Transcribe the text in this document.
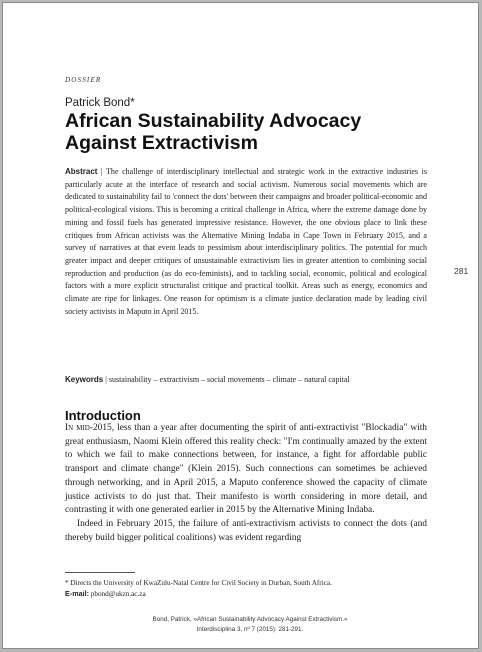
DOSSIER
Patrick Bond*
African Sustainability Advocacy Against Extractivism
Abstract | The challenge of interdisciplinary intellectual and strategic work in the extractive industries is particularly acute at the interface of research and social activism. Numerous social movements which are dedicated to sustainability fail to 'connect the dots' between their campaigns and broader political-economic and political-ecological visions. This is becoming a critical challenge in Africa, where the extreme damage done by mining and fossil fuels has generated impressive resistance. However, the one obvious place to link these critiques from African activists was the Alternative Mining Indaba in Cape Town in February 2015, and a survey of narratives at that event leads to pessimism about interdisciplinary politics. The potential for much greater impact and deeper critiques of unsustainable extractivism lies in greater attention to combining social reproduction and production (as do eco-feminists), and to tackling social, economic, political and ecological factors with a more explicit structuralist critique and practical toolkit. Areas such as energy, economics and climate are ripe for linkages. One reason for optimism is a climate justice declaration made by leading civil society activists in Maputo in April 2015.
281
Keywords | sustainability – extractivism – social movements – climate – natural capital
Introduction

In mid-2015, less than a year after documenting the spirit of anti-extractivist "Blockadia" with great enthusiasm, Naomi Klein offered this reality check: "I'm continually amazed by the extent to which we fail to make connections between, for instance, a fight for affordable public transport and climate change" (Klein 2015). Such connections can sometimes be achieved through networking, and in April 2015, a Maputo conference showed the capacity of climate justice activists to do just that. Their manifesto is worth considering in more detail, and contrasting it with one generated earlier in 2015 by the Alternative Mining Indaba.

Indeed in February 2015, the failure of anti-extractivism activists to connect the dots (and thereby build bigger political coalitions) was evident regarding

* Directs the University of KwaZulu-Natal Centre for Civil Society in Durban, South Africa.
E-mail: pbond@ukzn.ac.za
Bond, Patrick, »African Sustainability Advocacy Against Extractivism.«
Interdisciplina 3, nº 7 (2015): 281-291.
